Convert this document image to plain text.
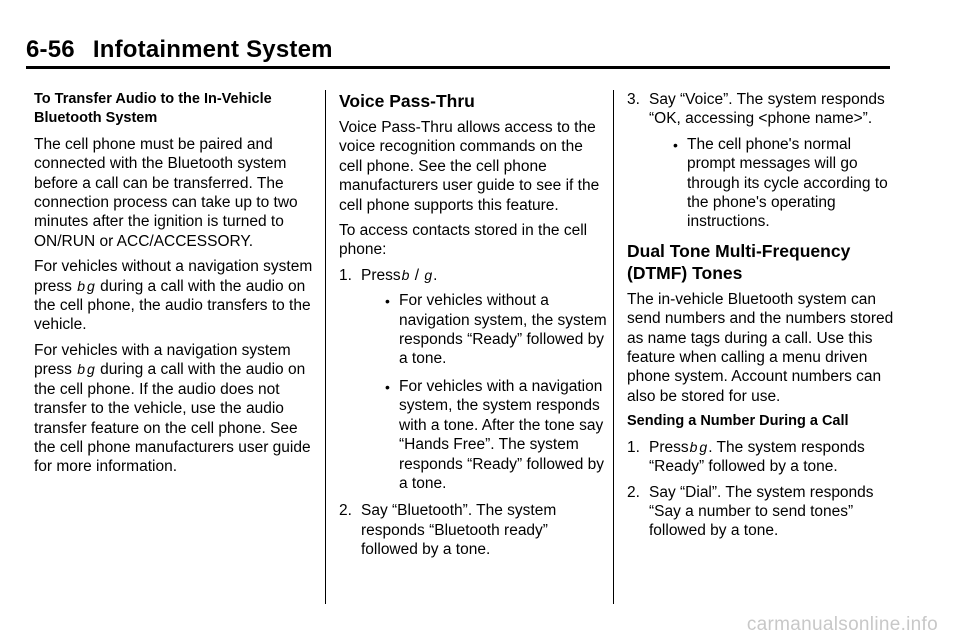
6-56 Infotainment System

To Transfer Audio to the In-Vehicle Bluetooth System

The cell phone must be paired and connected with the Bluetooth system before a call can be transferred. The connection process can take up to two minutes after the ignition is turned to ON/RUN or ACC/ACCESSORY.

For vehicles without a navigation system press b g during a call with the audio on the cell phone, the audio transfers to the vehicle.

For vehicles with a navigation system press b g during a call with the audio on the cell phone. If the audio does not transfer to the vehicle, use the audio transfer feature on the cell phone. See the cell phone manufacturers user guide for more information.

Voice Pass-Thru

Voice Pass-Thru allows access to the voice recognition commands on the cell phone. See the cell phone manufacturers user guide to see if the cell phone supports this feature.

To access contacts stored in the cell phone:

1. Pressb / g.
• For vehicles without a navigation system, the system responds “Ready” followed by a tone.
• For vehicles with a navigation system, the system responds with a tone. After the tone say “Hands Free”. The system responds “Ready” followed by a tone.
2. Say “Bluetooth”. The system responds “Bluetooth ready” followed by a tone.
3. Say “Voice”. The system responds “OK, accessing <phone name>”.
• The cell phone's normal prompt messages will go through its cycle according to the phone's operating instructions.
Dual Tone Multi-Frequency (DTMF) Tones

The in-vehicle Bluetooth system can send numbers and the numbers stored as name tags during a call. Use this feature when calling a menu driven phone system. Account numbers can also be stored for use.

Sending a Number During a Call

1. Pressb g. The system responds “Ready” followed by a tone.
2. Say “Dial”. The system responds “Say a number to send tones” followed by a tone.
carmanualsonline.info
